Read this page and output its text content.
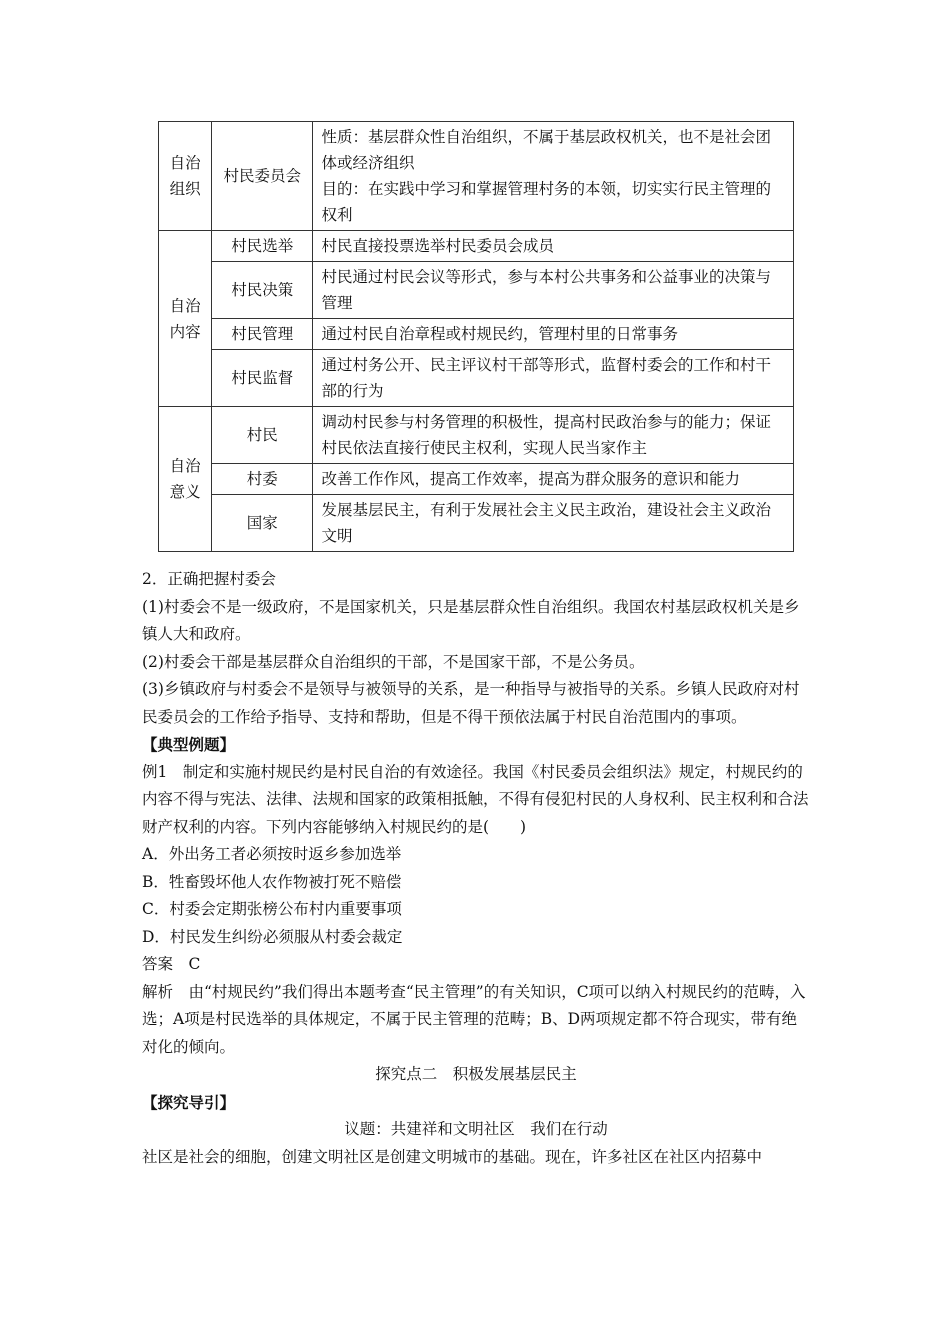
自治组织	村民委员会	性质：基层群众性自治组织，不属于基层政权机关，也不是社会团体或经济组织
目的：在实践中学习和掌握管理村务的本领，切实实行民主管理的权利

自治内容	村民选举	村民直接投票选举村民委员会成员
	村民决策	村民通过村民会议等形式，参与本村公共事务和公益事业的决策与管理
	村民管理	通过村民自治章程或村规民约，管理村里的日常事务
	村民监督	通过村务公开、民主评议村干部等形式，监督村委会的工作和村干部的行为
自治意义	村民	调动村民参与村务管理的积极性，提高村民政治参与的能力；保证村民依法直接行使民主权利，实现人民当家作主
	村委	改善工作作风，提高工作效率，提高为群众服务的意识和能力
	国家	发展基层民主，有利于发展社会主义民主政治，建设社会主义政治文明

2．正确把握村委会

(1)村委会不是一级政府，不是国家机关，只是基层群众性自治组织。我国农村基层政权机关是乡镇人大和政府。

(2)村委会干部是基层群众自治组织的干部，不是国家干部，不是公务员。

(3)乡镇政府与村委会不是领导与被领导的关系，是一种指导与被指导的关系。乡镇人民政府对村民委员会的工作给予指导、支持和帮助，但是不得干预依法属于村民自治范围内的事项。

【典型例题】

例1　制定和实施村规民约是村民自治的有效途径。我国《村民委员会组织法》规定，村规民约的内容不得与宪法、法律、法规和国家的政策相抵触，不得有侵犯村民的人身权利、民主权利和合法财产权利的内容。下列内容能够纳入村规民约的是(　　)

A．外出务工者必须按时返乡参加选举

B．牲畜毁坏他人农作物被打死不赔偿

C．村委会定期张榜公布村内重要事项

D．村民发生纠纷必须服从村委会裁定

答案　C

解析　由“村规民约”我们得出本题考查“民主管理”的有关知识，C项可以纳入村规民约的范畴，入选；A项是村民选举的具体规定，不属于民主管理的范畴；B、D两项规定都不符合现实，带有绝对化的倾向。

探究点二　积极发展基层民主

【探究导引】

议题：共建祥和文明社区　我们在行动

社区是社会的细胞，创建文明社区是创建文明城市的基础。现在，许多社区在社区内招募中
